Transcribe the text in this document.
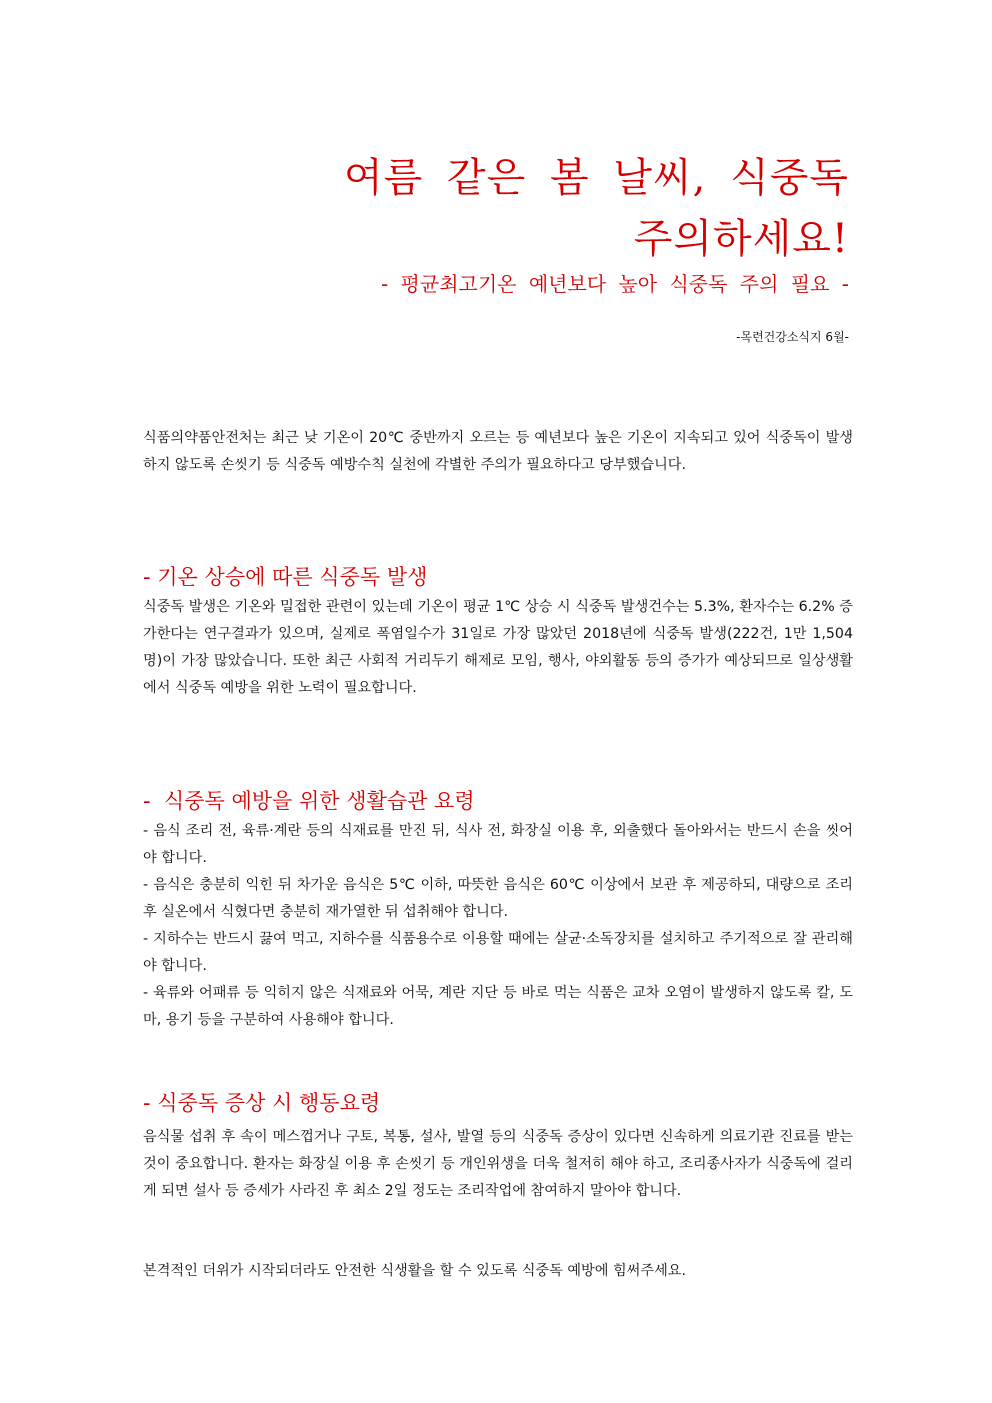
여름 같은 봄 날씨, 식중독
주의하세요!
- 평균최고기온 예년보다 높아 식중독 주의 필요 -
-목련건강소식지 6월-
식품의약품안전처는 최근 낮 기온이 20℃ 중반까지 오르는 등 예년보다 높은 기온이 지속되고 있어 식중독이 발생하지 않도록 손씻기 등 식중독 예방수칙 실천에 각별한 주의가 필요하다고 당부했습니다.
- 기온 상승에 따른 식중독 발생
식중독 발생은 기온와 밀접한 관련이 있는데 기온이 평균 1℃ 상승 시 식중독 발생건수는 5.3%, 환자수는 6.2% 증가한다는 연구결과가 있으며, 실제로 폭염일수가 31일로 가장 많았던 2018년에 식중독 발생(222건, 1만 1,504명)이 가장 많았습니다. 또한 최근 사회적 거리두기 해제로 모임, 행사, 야외활동 등의 증가가 예상되므로 일상생활에서 식중독 예방을 위한 노력이 필요합니다.
-  식중독 예방을 위한 생활습관 요령
- 음식 조리 전, 육류·계란 등의 식재료를 만진 뒤, 식사 전, 화장실 이용 후, 외출했다 돌아와서는 반드시 손을 씻어야 합니다.
- 음식은 충분히 익힌 뒤 차가운 음식은 5℃ 이하, 따뜻한 음식은 60℃ 이상에서 보관 후 제공하되, 대량으로 조리 후 실온에서 식혔다면 충분히 재가열한 뒤 섭취해야 합니다.
- 지하수는 반드시 끓여 먹고, 지하수를 식품용수로 이용할 때에는 살균·소독장치를 설치하고 주기적으로 잘 관리해야 합니다.
- 육류와 어패류 등 익히지 않은 식재료와 어묵, 계란 지단 등 바로 먹는 식품은 교차 오염이 발생하지 않도록 칼, 도마, 용기 등을 구분하여 사용해야 합니다.
- 식중독 증상 시 행동요령
음식물 섭취 후 속이 메스껍거나 구토, 복통, 설사, 발열 등의 식중독 증상이 있다면 신속하게 의료기관 진료를 받는 것이 중요합니다. 환자는 화장실 이용 후 손씻기 등 개인위생을 더욱 철저히 해야 하고, 조리종사자가 식중독에 걸리게 되면 설사 등 증세가 사라진 후 최소 2일 정도는 조리작업에 참여하지 말아야 합니다.
본격적인 더위가 시작되더라도 안전한 식생활을 할 수 있도록 식중독 예방에 힘써주세요.
